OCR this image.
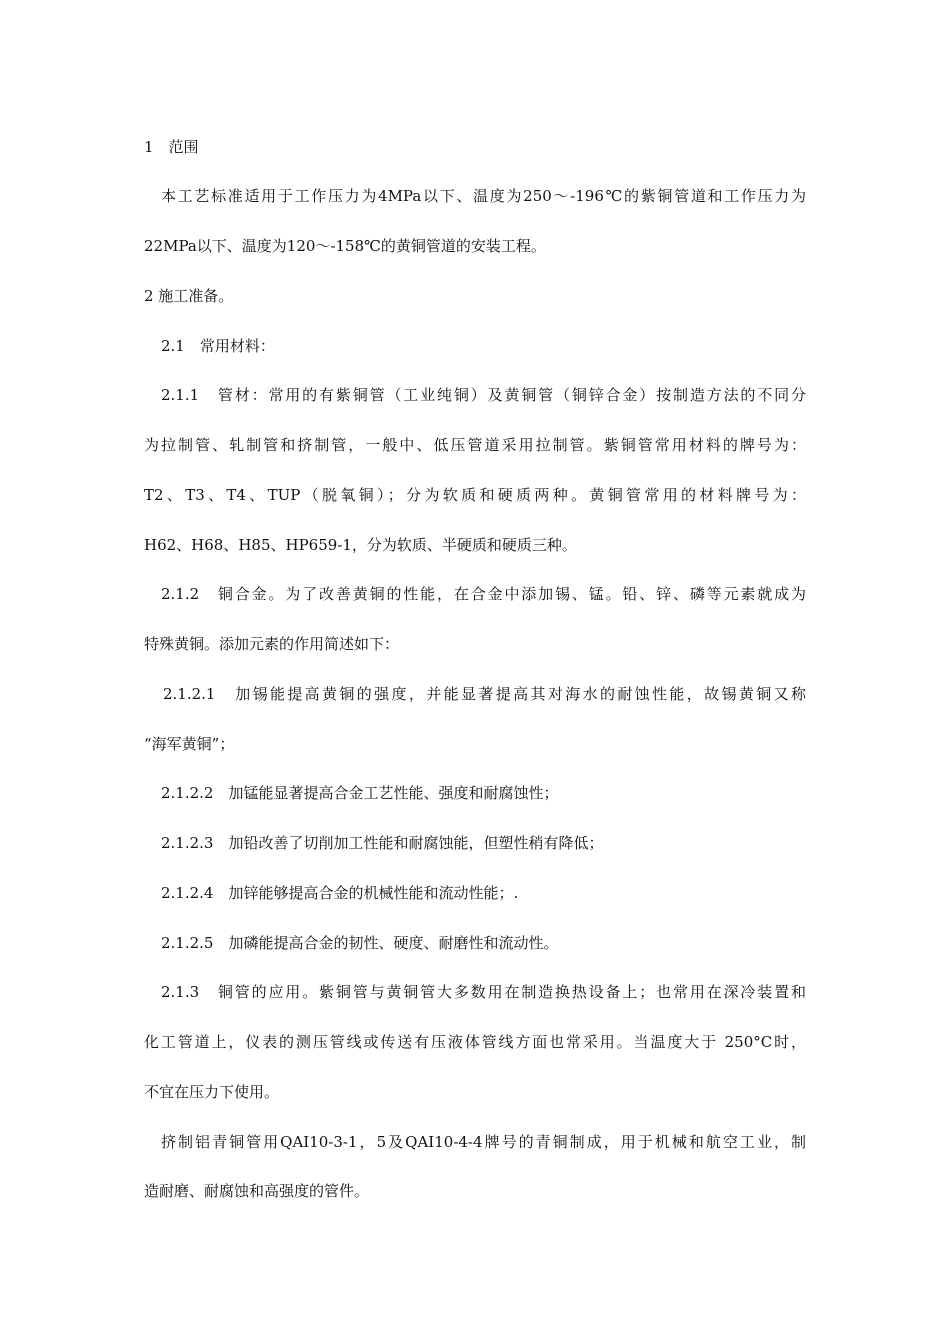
1　范围
本工艺标准适用于工作压力为4MPa以下、温度为250～-196℃的紫铜管道和工作压力为
22MPa以下、温度为120～-158℃的黄铜管道的安装工程。
2 施工准备。
2.1　常用材料：
2.1.1　管材：常用的有紫铜管（工业纯铜）及黄铜管（铜锌合金）按制造方法的不同分
为拉制管、轧制管和挤制管，一般中、低压管道采用拉制管。紫铜管常用材料的牌号为：
T2、T3、T4、TUP（脱氧铜）；分为软质和硬质两种。黄铜管常用的材料牌号为：
H62、H68、H85、HP659-1，分为软质、半硬质和硬质三种。
2.1.2　铜合金。为了改善黄铜的性能，在合金中添加锡、锰。铅、锌、磷等元素就成为
特殊黄铜。添加元素的作用简述如下：
2.1.2.1　加锡能提高黄铜的强度，并能显著提高其对海水的耐蚀性能，故锡黄铜又称
“海军黄铜”；
2.1.2.2　加锰能显著提高合金工艺性能、强度和耐腐蚀性；
2.1.2.3　加铅改善了切削加工性能和耐腐蚀能，但塑性稍有降低；
2.1.2.4　加锌能够提高合金的机械性能和流动性能；.
2.1.2.5　加磷能提高合金的韧性、硬度、耐磨性和流动性。
2.1.3　铜管的应用。紫铜管与黄铜管大多数用在制造换热设备上；也常用在深冷装置和
化工管道上，仪表的测压管线或传送有压液体管线方面也常采用。当温度大于 250°C时，
不宜在压力下使用。
挤制铝青铜管用QAI10-3-1，5及QAI10-4-4牌号的青铜制成，用于机械和航空工业，制
造耐磨、耐腐蚀和高强度的管件。
